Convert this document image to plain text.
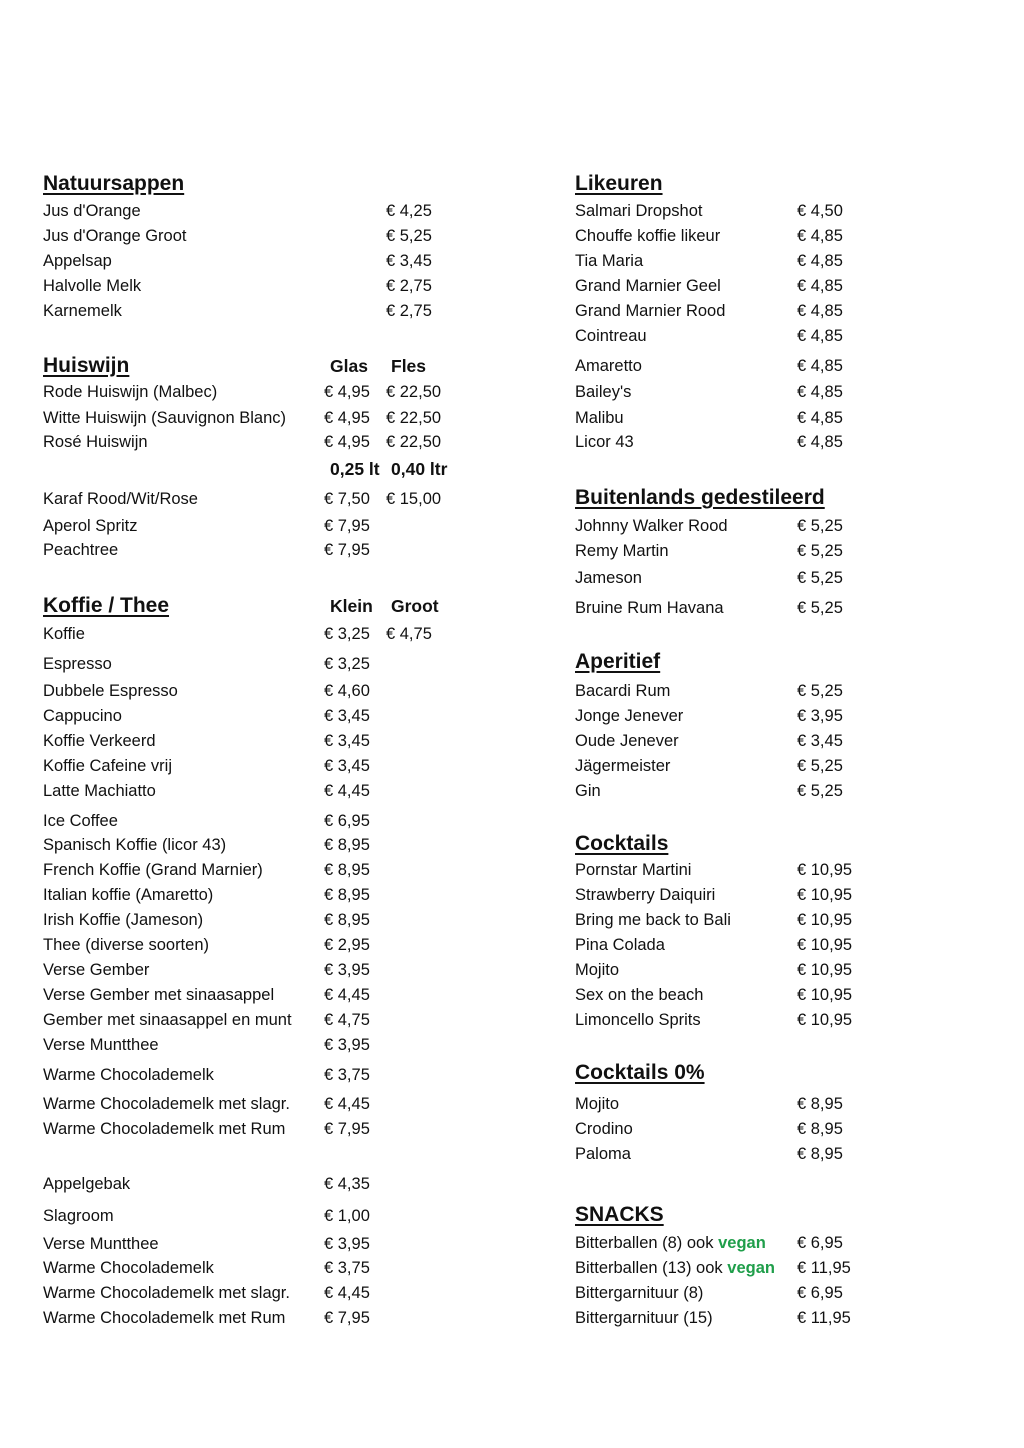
Natuursappen
Jus d'Orange	€ 4,25
Jus d'Orange Groot	€ 5,25
Appelsap	€ 3,45
Halvolle Melk	€ 2,75
Karnemelk	€ 2,75
Huiswijn	Glas Fles
Rode Huiswijn (Malbec)	€ 4,95 € 22,50
Witte Huiswijn (Sauvignon Blanc) € 4,95 € 22,50
Rosé Huiswijn	€ 4,95 € 22,50
0,25 lt 0,40 ltr
Karaf Rood/Wit/Rose	€ 7,50 € 15,00
Aperol Spritz	€ 7,95
Peachtree	€ 7,95
Koffie / Thee	Klein Groot
Koffie	€ 3,25 € 4,75
Espresso	€ 3,25
Dubbele Espresso	€ 4,60
Cappucino	€ 3,45
Koffie Verkeerd	€ 3,45
Koffie Cafeine vrij	€ 3,45
Latte Machiatto	€ 4,45
Ice Coffee	€ 6,95
Spanisch Koffie (licor 43)	€ 8,95
French Koffie (Grand Marnier)	€ 8,95
Italian koffie (Amaretto)	€ 8,95
Irish Koffie (Jameson)	€ 8,95
Thee (diverse soorten)	€ 2,95
Verse Gember	€ 3,95
Verse Gember met sinaasappel	€ 4,45
Gember met sinaasappel en munt € 4,75
Verse Muntthee	€ 3,95
Warme Chocolademelk	€ 3,75
Warme Chocolademelk met slagr. € 4,45
Warme Chocolademelk met Rum € 7,95
Appelgebak	€ 4,35
Slagroom	€ 1,00
Verse Muntthee	€ 3,95
Warme Chocolademelk	€ 3,75
Warme Chocolademelk met slagr. € 4,45
Warme Chocolademelk met Rum € 7,95
Likeuren
Salmari Dropshot	€ 4,50
Chouffe koffie likeur	€ 4,85
Tia Maria	€ 4,85
Grand Marnier Geel	€ 4,85
Grand Marnier Rood	€ 4,85
Cointreau	€ 4,85
Amaretto	€ 4,85
Bailey's	€ 4,85
Malibu	€ 4,85
Licor 43	€ 4,85
Buitenlands gedestileerd
Johnny Walker Rood	€ 5,25
Remy Martin	€ 5,25
Jameson	€ 5,25
Bruine Rum Havana	€ 5,25
Aperitief
Bacardi Rum	€ 5,25
Jonge Jenever	€ 3,95
Oude Jenever	€ 3,45
Jägermeister	€ 5,25
Gin	€ 5,25
Cocktails
Pornstar Martini	€ 10,95
Strawberry Daiquiri	€ 10,95
Bring me back to Bali	€ 10,95
Pina Colada	€ 10,95
Mojito	€ 10,95
Sex on the beach	€ 10,95
Limoncello Sprits	€ 10,95
Cocktails 0%
Mojito	€ 8,95
Crodino	€ 8,95
Paloma	€ 8,95
SNACKS
Bitterballen (8) ook vegan € 6,95
Bitterballen (13) ook vegan € 11,95
Bittergarnituur (8)	€ 6,95
Bittergarnituur (15)	€ 11,95
